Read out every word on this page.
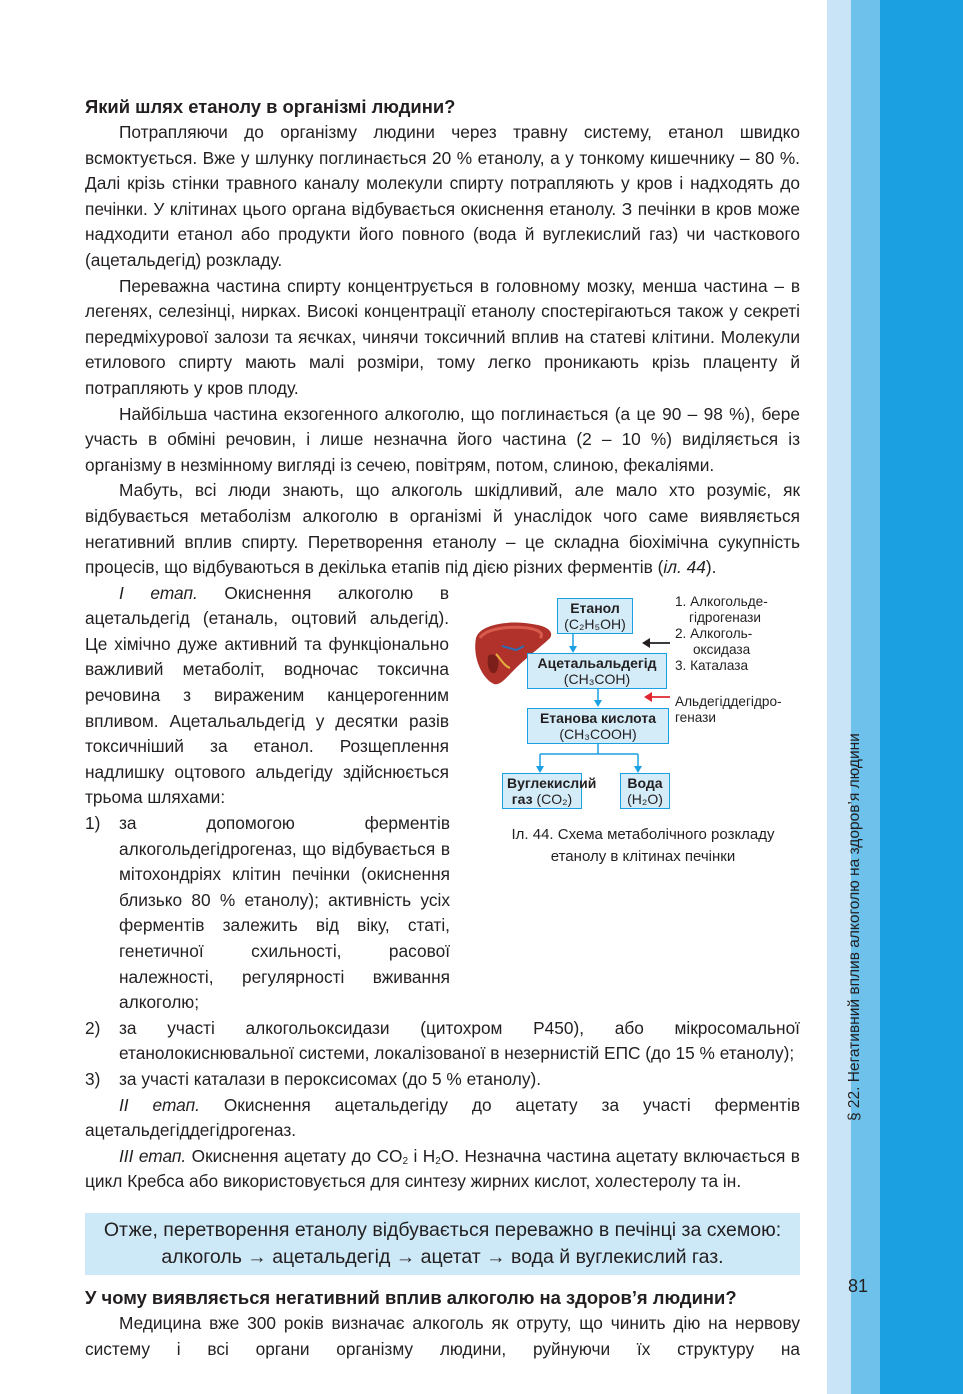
§ 22. Негативний вплив алкоголю на здоров’я людини
81
Який шлях етанолу в організмі людини?

Потрапляючи до організму людини через травну систему, етанол швидко всмоктується. Вже у шлунку поглинається 20 % етанолу, а у тонкому кишечнику – 80 %. Далі крізь стінки травного каналу молекули спирту потрапляють у кров і надходять до печінки. У клітинах цього органа відбувається окиснення етанолу. З печінки в кров може надходити етанол або продукти його повного (вода й вуглекислий газ) чи часткового (ацетальдегід) розкладу.

Переважна частина спирту концентрується в головному мозку, менша частина – в легенях, селезінці, нирках. Високі концентрації етанолу спостерігаються також у секреті передміхурової залози та яєчках, чинячи токсичний вплив на статеві клітини. Молекули етилового спирту мають малі розміри, тому легко проникають крізь плаценту й потрапляють у кров плоду.

Найбільша частина екзогенного алкоголю, що поглинається (а це 90 – 98 %), бере участь в обміні речовин, і лише незначна його частина (2 – 10 %) виділяється із організму в незмінному вигляді із сечею, повітрям, потом, слиною, фекаліями.

Мабуть, всі люди знають, що алкоголь шкідливий, але мало хто розуміє, як відбувається метаболізм алкоголю в організмі й унаслідок чого саме виявляється негативний вплив спирту. Перетворення етанолу – це складна біохімічна сукупність процесів, що відбуваються в декілька етапів під дією різних ферментів (іл. 44).

I етап. Окиснення алкоголю в ацетальдегід (етаналь, оцтовий альдегід). Це хімічно дуже активний та функціонально важливий метаболіт, водночас токсична речовина з вираженим канцерогенним впливом. Ацетальальдегід у десятки разів токсичніший за етанол. Розщеплення надлишку оцтового альдегіду здійснюється трьома шляхами:

1) за допомогою ферментів алкогольдегідрогеназ, що відбувається в мітохондріях клітин печінки (окиснення близько 80 % етанолу); активність усіх ферментів залежить від віку, статі, генетичної схильності, расової належності, регулярності вживання алкоголю;
2) за участі алкогольоксидази (цитохром P450), або мікросомальної етанолокиснювальної системи, локалізованої в незернистій ЕПС (до 15 % етанолу);
3) за участі каталази в пероксисомах (до 5 % етанолу).

II етап. Окиснення ацетальдегіду до ацетату за участі ферментів ацетальдегіддегідрогеназ.

III етап. Окиснення ацетату до $CO_2$ і $H_2O$. Незначна частина ацетату включається в цикл Кребса або використовується для синтезу жирних кислот, холестеролу та ін.

Отже, перетворення етанолу відбувається переважно в печінці за схемою: алкоголь → ацетальдегід → ацетат → вода й вуглекислий газ.
У чому виявляється негативний вплив алкоголю на здоров’я людини?

Медицина вже 300 років визначає алкоголь як отруту, що чинить дію на нервову систему і всі органи організму людини, руйнуючи їх структуру на

Етанол
(C₂H₅OH)
Ацетальальдегід
(CH₃COH)
Етанова кислота
(CH₃COOH)
Вуглекислий
газ (CO₂)
Вода
(H₂O)
1. Алкогольде-
гідрогенази
2. Алкоголь-
оксидаза
3. Каталаза
Альдегіддегідро-
генази
Іл. 44. Схема метаболічного розкладу
етанолу в клітинах печінки
